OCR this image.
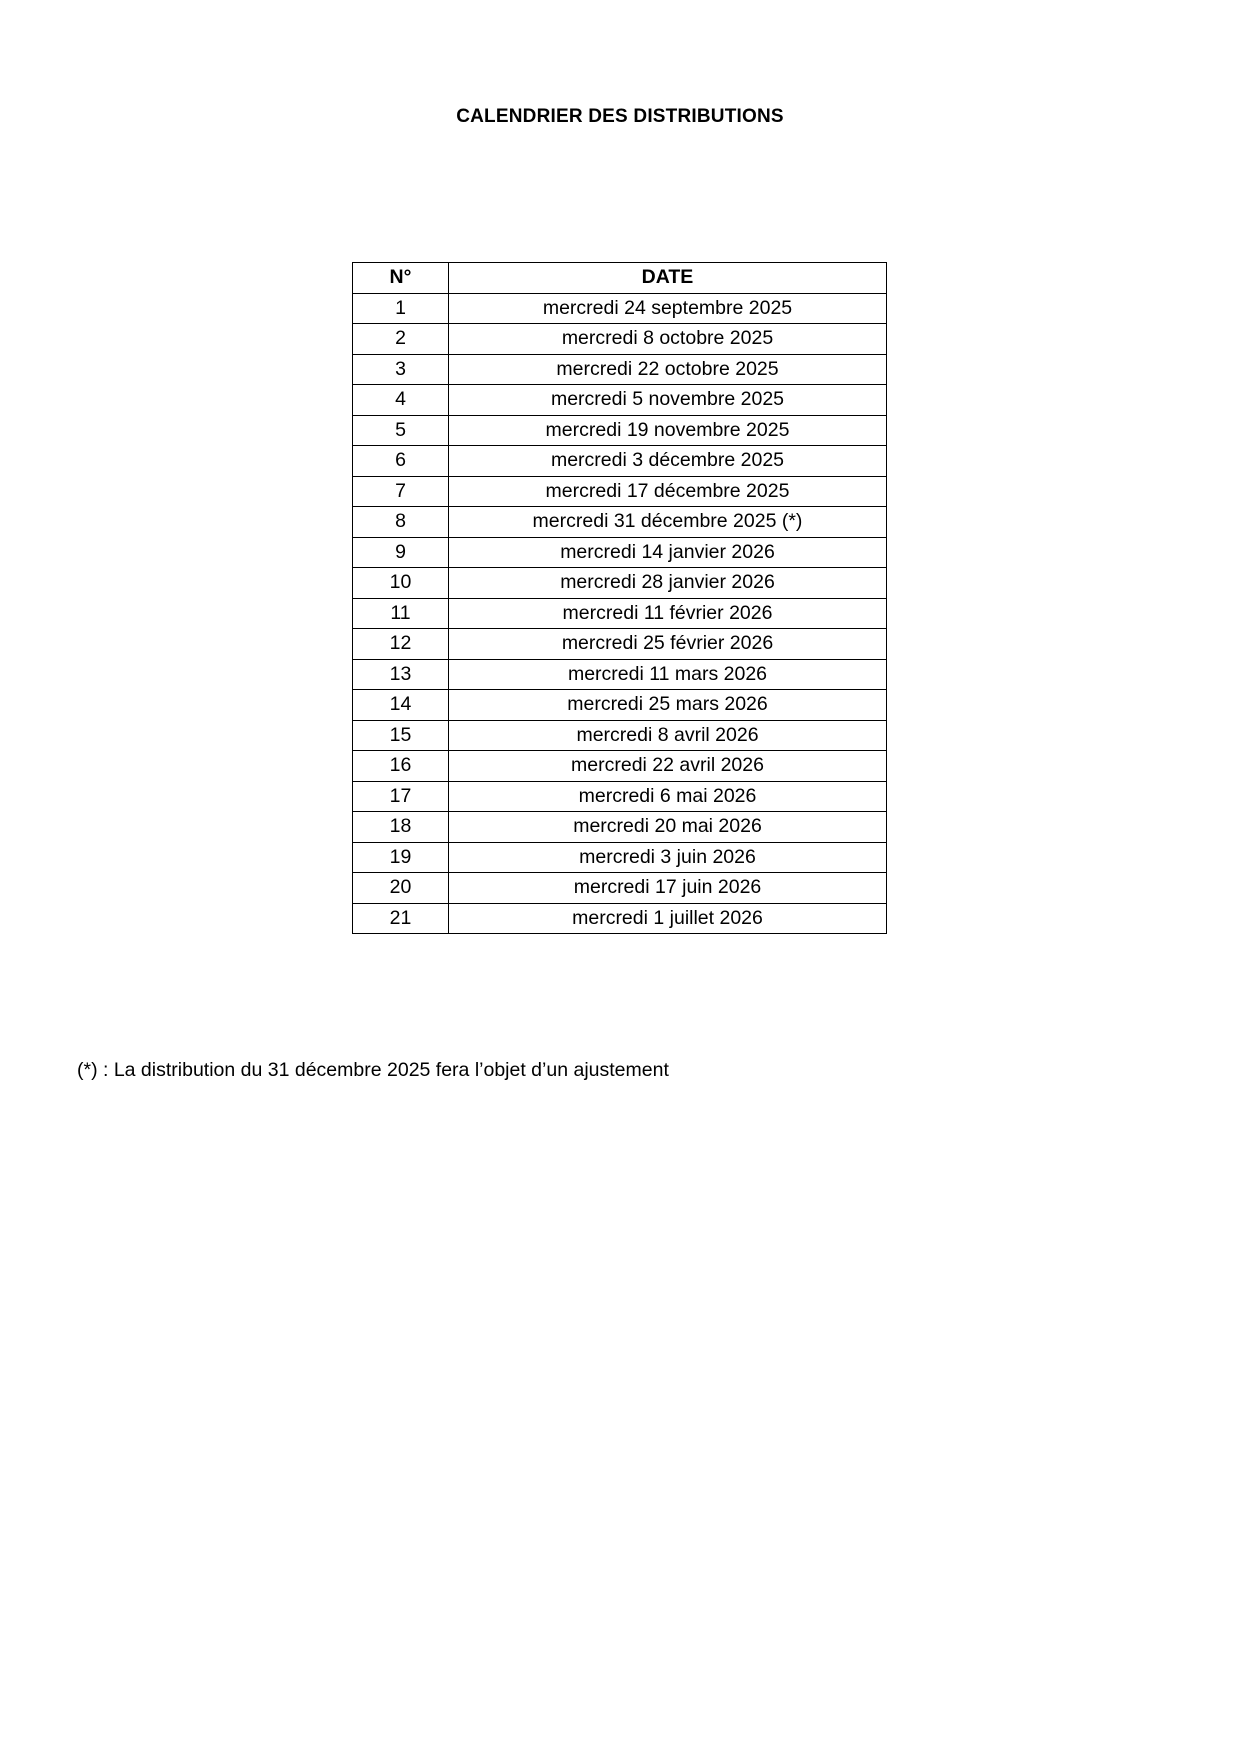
CALENDRIER DES DISTRIBUTIONS
N°	DATE
1	mercredi 24 septembre 2025
2	mercredi 8 octobre 2025
3	mercredi 22 octobre 2025
4	mercredi 5 novembre 2025
5	mercredi 19 novembre 2025
6	mercredi 3 décembre 2025
7	mercredi 17 décembre 2025
8	mercredi 31 décembre 2025 (*)
9	mercredi 14 janvier 2026
10	mercredi 28 janvier 2026
11	mercredi 11 février 2026
12	mercredi 25 février 2026
13	mercredi 11 mars 2026
14	mercredi 25 mars 2026
15	mercredi 8 avril 2026
16	mercredi 22 avril 2026
17	mercredi 6 mai 2026
18	mercredi 20 mai 2026
19	mercredi 3 juin 2026
20	mercredi 17 juin 2026
21	mercredi 1 juillet 2026
(*) : La distribution du 31 décembre 2025 fera l’objet d’un ajustement
